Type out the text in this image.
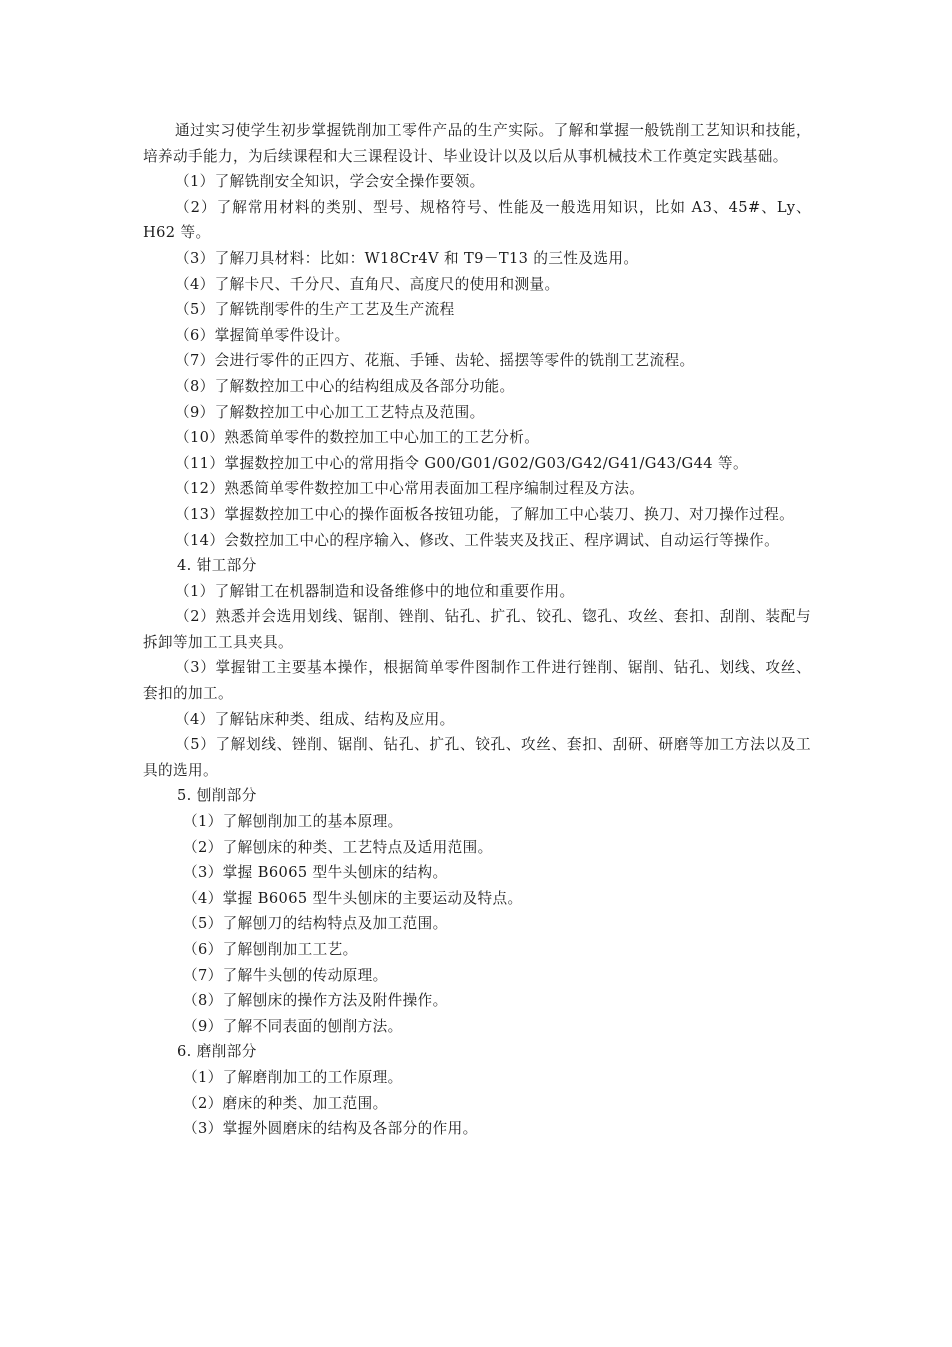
通过实习使学生初步掌握铣削加工零件产品的生产实际。了解和掌握一般铣削工艺知识和技能，培养动手能力，为后续课程和大三课程设计、毕业设计以及以后从事机械技术工作奠定实践基础。

（1）了解铣削安全知识，学会安全操作要领。

（2）了解常用材料的类别、型号、规格符号、性能及一般选用知识，比如 A3、45#、Ly、H62 等。

（3）了解刀具材料：比如：W18Cr4V 和 T9－T13 的三性及选用。

（4）了解卡尺、千分尺、直角尺、高度尺的使用和测量。

（5）了解铣削零件的生产工艺及生产流程

（6）掌握简单零件设计。

（7）会进行零件的正四方、花瓶、手锤、齿轮、摇摆等零件的铣削工艺流程。

（8）了解数控加工中心的结构组成及各部分功能。

（9）了解数控加工中心加工工艺特点及范围。

（10）熟悉简单零件的数控加工中心加工的工艺分析。

（11）掌握数控加工中心的常用指令 G00/G01/G02/G03/G42/G41/G43/G44 等。

（12）熟悉简单零件数控加工中心常用表面加工程序编制过程及方法。

（13）掌握数控加工中心的操作面板各按钮功能，了解加工中心装刀、换刀、对刀操作过程。

（14）会数控加工中心的程序输入、修改、工件装夹及找正、程序调试、自动运行等操作。

4. 钳工部分

（1）了解钳工在机器制造和设备维修中的地位和重要作用。

（2）熟悉并会选用划线、锯削、锉削、钻孔、扩孔、铰孔、锪孔、攻丝、套扣、刮削、装配与拆卸等加工工具夹具。

（3）掌握钳工主要基本操作，根据简单零件图制作工件进行锉削、锯削、钻孔、划线、攻丝、套扣的加工。

（4）了解钻床种类、组成、结构及应用。

（5）了解划线、锉削、锯削、钻孔、扩孔、铰孔、攻丝、套扣、刮研、研磨等加工方法以及工具的选用。

5. 刨削部分

（1）了解刨削加工的基本原理。

（2）了解刨床的种类、工艺特点及适用范围。

（3）掌握 B6065 型牛头刨床的结构。

（4）掌握 B6065 型牛头刨床的主要运动及特点。

（5）了解刨刀的结构特点及加工范围。

（6）了解刨削加工工艺。

（7）了解牛头刨的传动原理。

（8）了解刨床的操作方法及附件操作。

（9）了解不同表面的刨削方法。

6. 磨削部分

（1）了解磨削加工的工作原理。

（2）磨床的种类、加工范围。

（3）掌握外圆磨床的结构及各部分的作用。
